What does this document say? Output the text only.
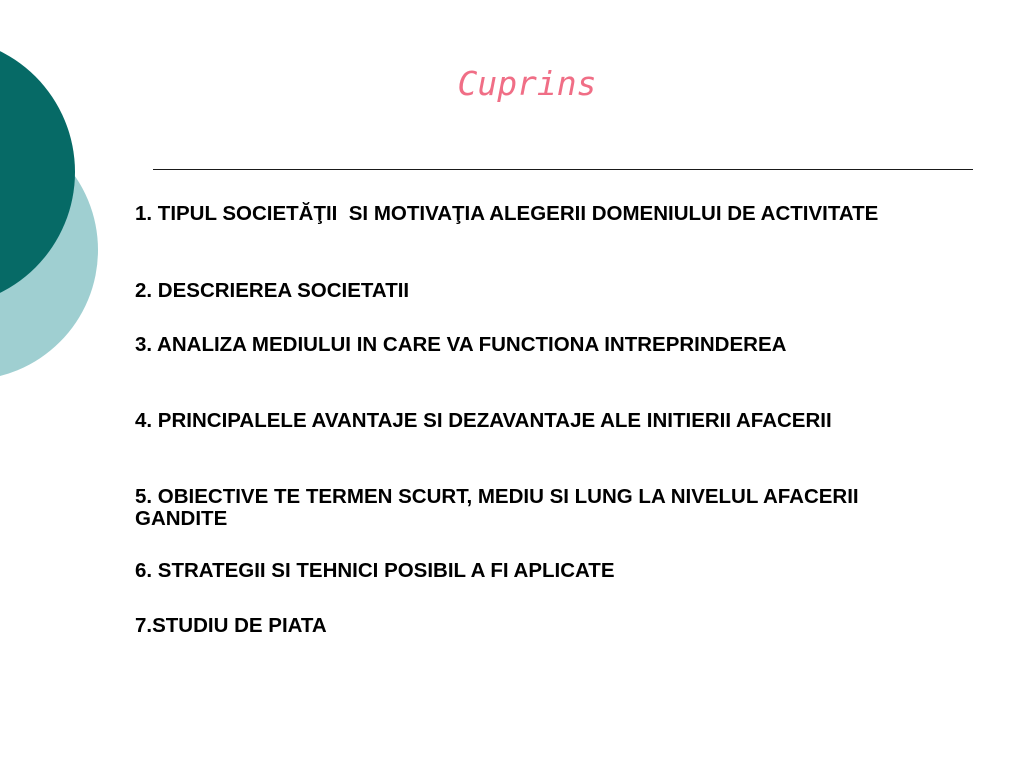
Cuprins
1. TIPUL SOCIETĂŢII  SI MOTIVAŢIA ALEGERII DOMENIULUI DE ACTIVITATE
2. DESCRIEREA SOCIETATII
3. ANALIZA MEDIULUI IN CARE VA FUNCTIONA INTREPRINDEREA
4. PRINCIPALELE AVANTAJE SI DEZAVANTAJE ALE INITIERII AFACERII
5. OBIECTIVE TE TERMEN SCURT, MEDIU SI LUNG LA NIVELUL AFACERII GANDITE
6. STRATEGII SI TEHNICI POSIBIL A FI APLICATE
7.STUDIU DE PIATA
